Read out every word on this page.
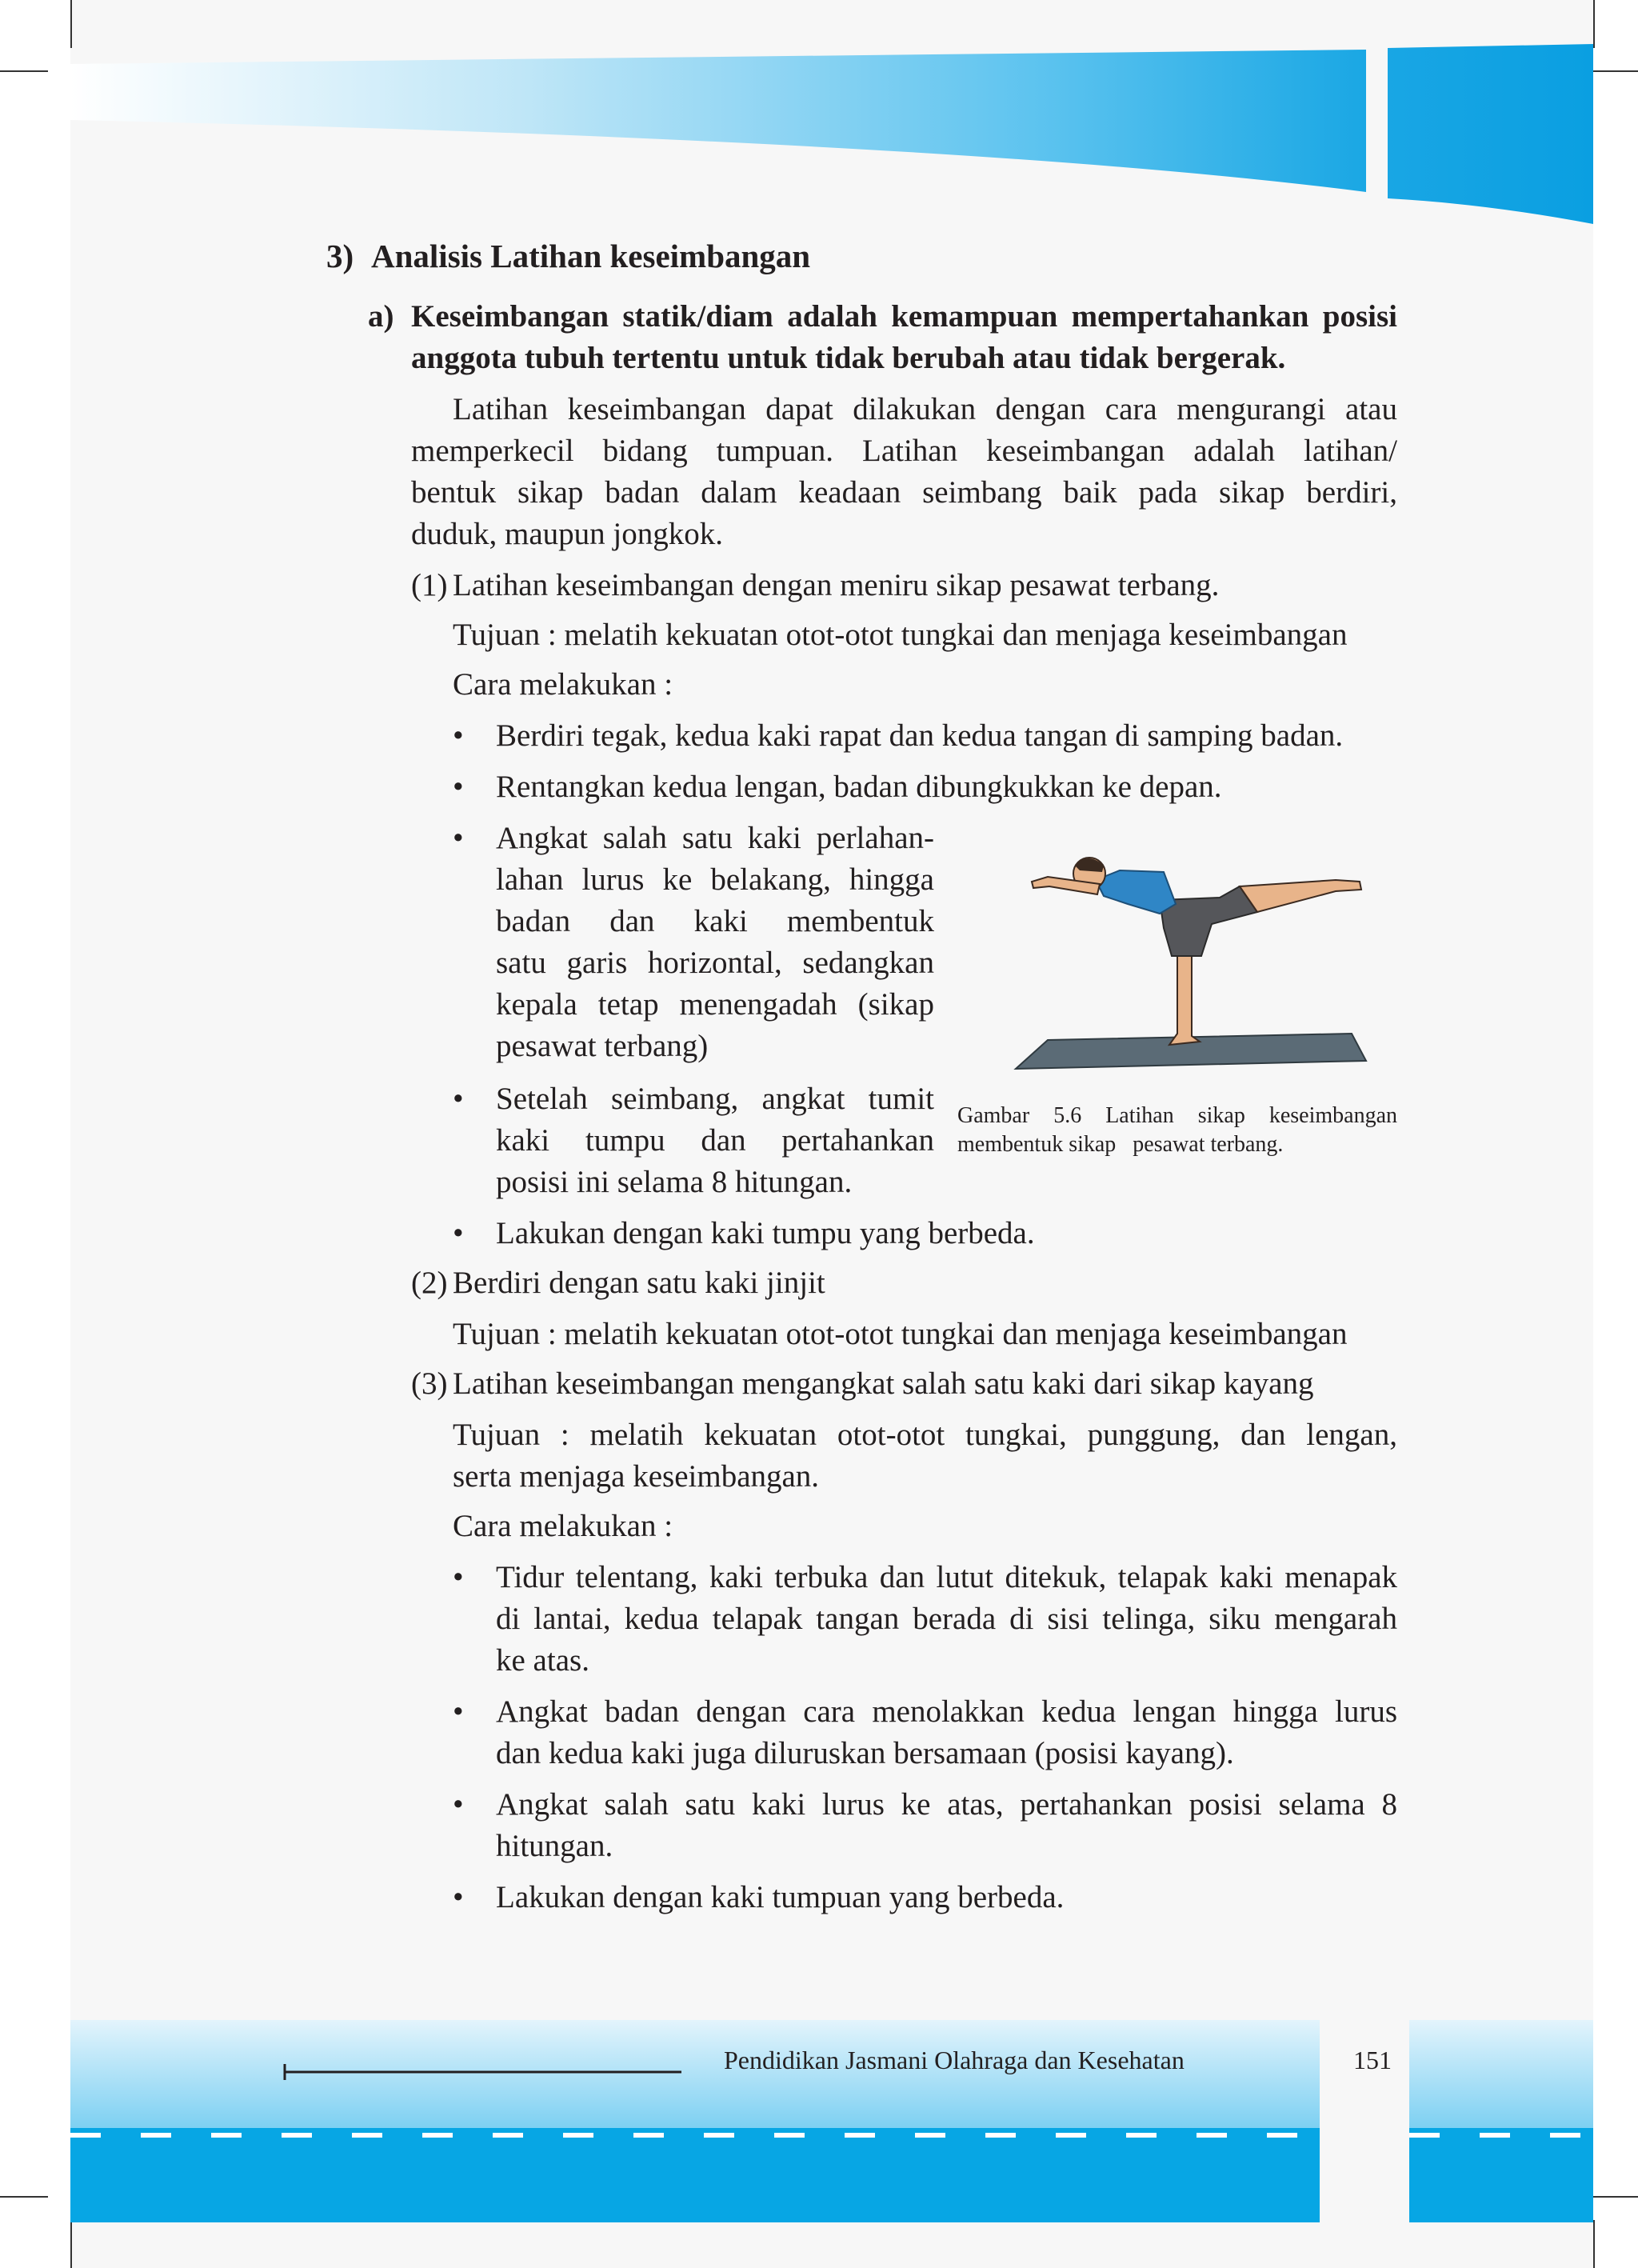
3) Analisis Latihan keseimbangan
a) Keseimbangan statik/diam adalah kemampuan mempertahankan posisi
anggota tubuh tertentu untuk tidak berubah atau tidak bergerak.
Latihan keseimbangan dapat dilakukan dengan cara mengurangi atau
memperkecil bidang tumpuan. Latihan keseimbangan adalah latihan/
bentuk sikap badan dalam keadaan seimbang baik pada sikap berdiri,
duduk, maupun jongkok.
(1) Latihan keseimbangan dengan meniru sikap pesawat terbang.
Tujuan : melatih kekuatan otot-otot tungkai dan menjaga keseimbangan
Cara melakukan :
• Berdiri tegak, kedua kaki rapat dan kedua tangan di samping badan.
• Rentangkan kedua lengan, badan dibungkukkan ke depan.
• Angkat salah satu kaki perlahan-
lahan lurus ke belakang, hingga
badan dan kaki membentuk
satu garis horizontal, sedangkan
kepala tetap menengadah (sikap
pesawat terbang)
• Setelah seimbang, angkat tumit
kaki tumpu dan pertahankan
posisi ini selama 8 hitungan.
• Lakukan dengan kaki tumpu yang berbeda.
Gambar 5.6 Latihan sikap keseimbangan
membentuk sikap   pesawat terbang.
(2) Berdiri dengan satu kaki jinjit
Tujuan : melatih kekuatan otot-otot tungkai dan menjaga keseimbangan
(3) Latihan keseimbangan mengangkat salah satu kaki dari sikap kayang
Tujuan : melatih kekuatan otot-otot tungkai, punggung, dan lengan,
serta menjaga keseimbangan.
Cara melakukan :
• Tidur telentang, kaki terbuka dan lutut ditekuk, telapak kaki menapak
di lantai, kedua telapak tangan berada di sisi telinga, siku mengarah
ke atas.
• Angkat badan dengan cara menolakkan kedua lengan hingga lurus
dan kedua kaki juga diluruskan bersamaan (posisi kayang).
• Angkat salah satu kaki lurus ke atas, pertahankan posisi selama 8
hitungan.
• Lakukan dengan kaki tumpuan yang berbeda.
Pendidikan Jasmani Olahraga dan Kesehatan	151
